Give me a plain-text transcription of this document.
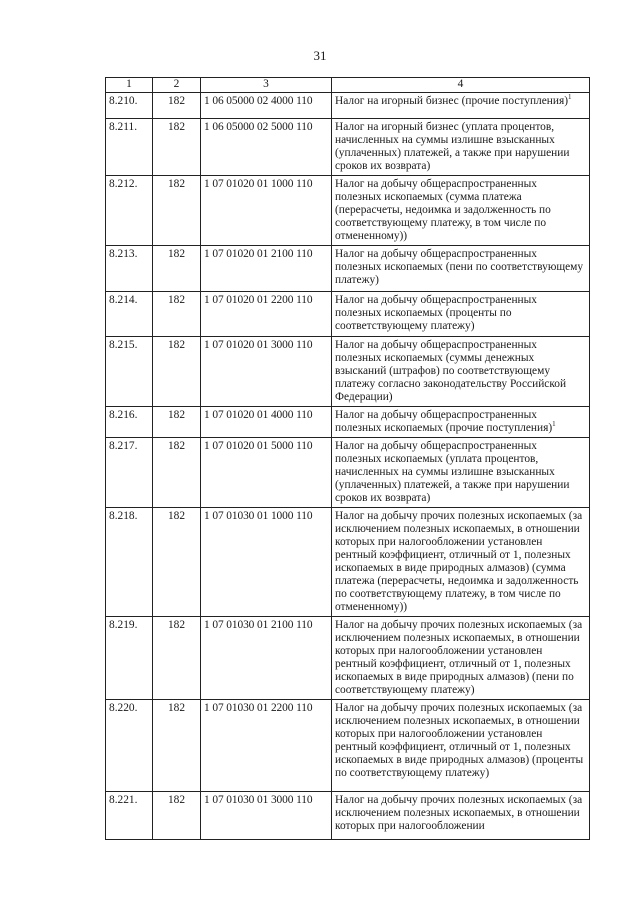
31
1	2	3	4
8.210.	182	1 06 05000 02 4000 110	Налог на игорный бизнес (прочие поступления)$^1$
8.211.	182	1 06 05000 02 5000 110	Налог на игорный бизнес (уплата процентов, начисленных на суммы излишне взысканных (уплаченных) платежей, а также при нарушении сроков их возврата)
8.212.	182	1 07 01020 01 1000 110	Налог на добычу общераспространенных полезных ископаемых (сумма платежа (перерасчеты, недоимка и задолженность по соответствующему платежу, в том числе по отмененному))
8.213.	182	1 07 01020 01 2100 110	Налог на добычу общераспространенных полезных ископаемых (пени по соответствующему платежу)
8.214.	182	1 07 01020 01 2200 110	Налог на добычу общераспространенных полезных ископаемых (проценты по соответствующему платежу)
8.215.	182	1 07 01020 01 3000 110	Налог на добычу общераспространенных полезных ископаемых (суммы денежных взысканий (штрафов) по соответствующему платежу согласно законодательству Российской Федерации)
8.216.	182	1 07 01020 01 4000 110	Налог на добычу общераспространенных полезных ископаемых (прочие поступления)$^1$
8.217.	182	1 07 01020 01 5000 110	Налог на добычу общераспространенных полезных ископаемых (уплата процентов, начисленных на суммы излишне взысканных (уплаченных) платежей, а также при нарушении сроков их возврата)
8.218.	182	1 07 01030 01 1000 110	Налог на добычу прочих полезных ископаемых (за исключением полезных ископаемых, в отношении которых при налогообложении установлен рентный коэффициент, отличный от 1, полезных ископаемых в виде природных алмазов) (сумма платежа (перерасчеты, недоимка и задолженность по соответствующему платежу, в том числе по отмененному))
8.219.	182	1 07 01030 01 2100 110	Налог на добычу прочих полезных ископаемых (за исключением полезных ископаемых, в отношении которых при налогообложении установлен рентный коэффициент, отличный от 1, полезных ископаемых в виде природных алмазов) (пени по соответствующему платежу)
8.220.	182	1 07 01030 01 2200 110	Налог на добычу прочих полезных ископаемых (за исключением полезных ископаемых, в отношении которых при налогообложении установлен рентный коэффициент, отличный от 1, полезных ископаемых в виде природных алмазов) (проценты по соответствующему платежу)
8.221.	182	1 07 01030 01 3000 110	Налог на добычу прочих полезных ископаемых (за исключением полезных ископаемых, в отношении которых при налогообложении
